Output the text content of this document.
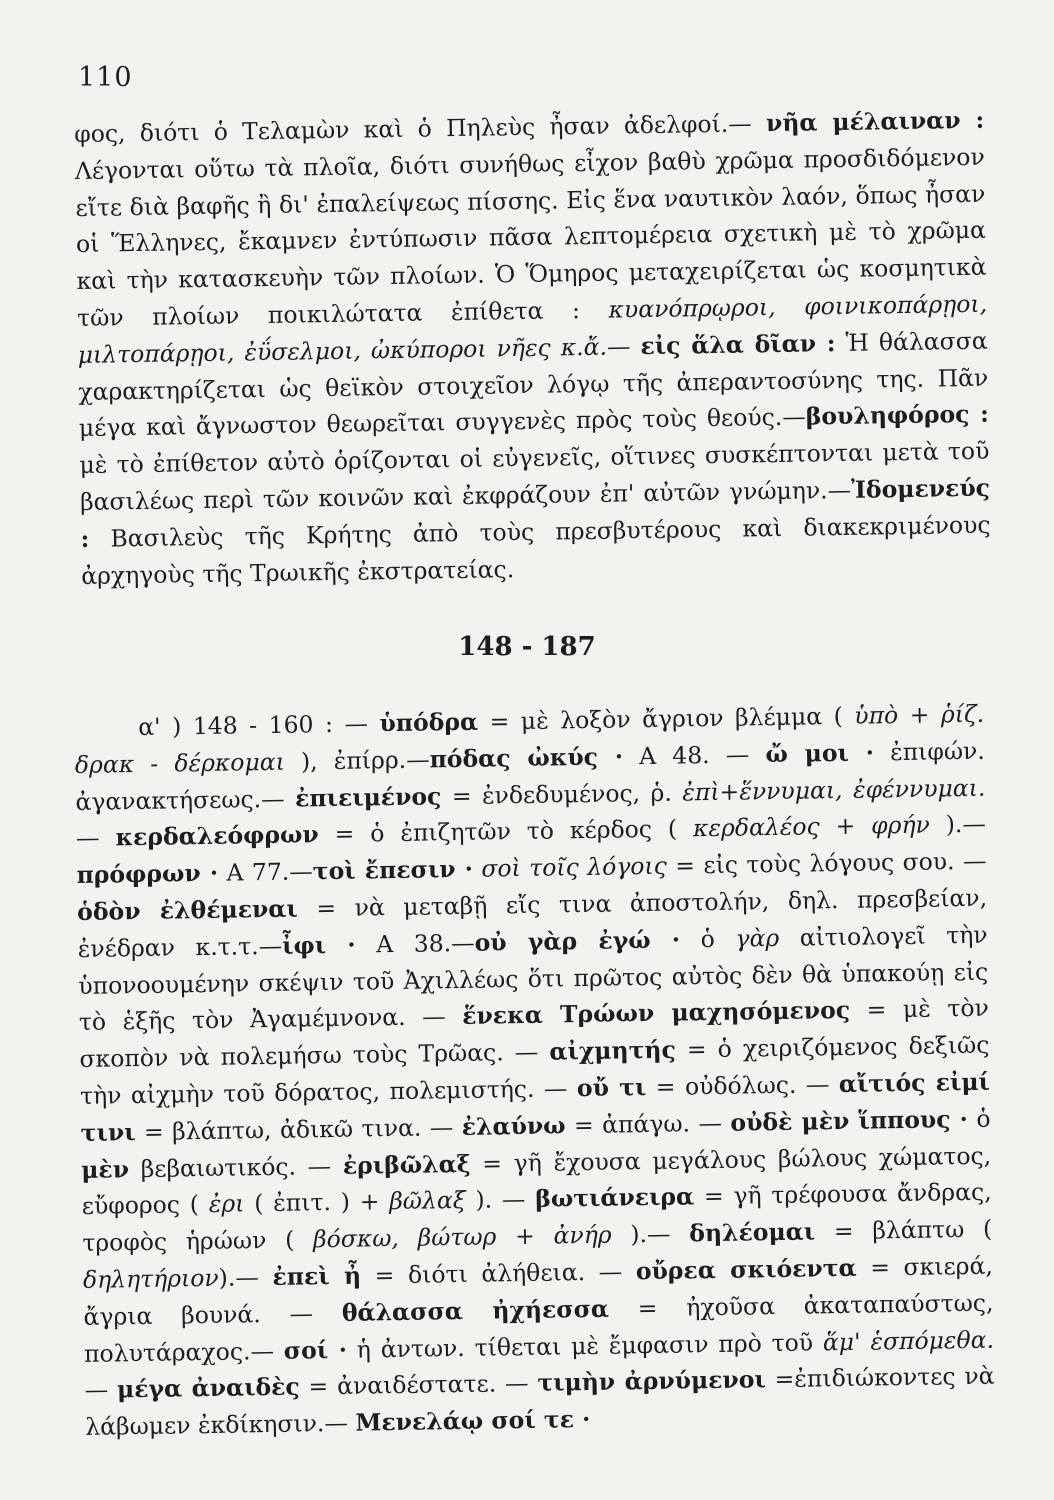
110
φος, διότι ὁ Τελαμὼν καὶ ὁ Πηλεὺς ἦσαν ἀδελφοί.— νῆα μέλαιναν : Λέγονται οὕτω τὰ πλοῖα, διότι συνήθως εἶχον βαθὺ χρῶμα προσδιδόμενον εἴτε διὰ βαφῆς ἢ δι' ἐπαλείψεως πίσσης. Εἰς ἕνα ναυτικὸν λαόν, ὅπως ἦσαν οἱ Ἕλληνες, ἔκαμνεν ἐντύπωσιν πᾶσα λεπτομέρεια σχετικὴ μὲ τὸ χρῶμα καὶ τὴν κατασκευὴν τῶν πλοίων. Ὁ Ὅμηρος μεταχειρίζεται ὡς κοσμητικὰ τῶν πλοίων ποικιλώτατα ἐπίθετα : κυανόπρῳροι, φοινικοπάρῃοι, μιλτοπάρῃοι, ἐΰσελμοι, ὠκύποροι νῆες κ.ἄ.— εἰς ἅλα δῖαν : Ἡ θάλασσα χαρακτηρίζεται ὡς θεϊκὸν στοιχεῖον λόγῳ τῆς ἀπεραντοσύνης της. Πᾶν μέγα καὶ ἄγνωστον θεωρεῖται συγγενὲς πρὸς τοὺς θεούς.—βουληφόρος : μὲ τὸ ἐπίθετον αὐτὸ ὁρίζονται οἱ εὐγενεῖς, οἵτινες συσκέπτονται μετὰ τοῦ βασιλέως περὶ τῶν κοινῶν καὶ ἐκφράζουν ἐπ' αὐτῶν γνώμην.—Ἰδομενεύς : Βασιλεὺς τῆς Κρήτης ἀπὸ τοὺς πρεσβυτέρους καὶ διακεκριμένους ἀρχηγοὺς τῆς Τρωικῆς ἐκστρατείας.
148 - 187
α' ) 148 - 160 : — ὑπόδρα = μὲ λοξὸν ἄγριον βλέμμα ( ὑπὸ + ῥίζ. δρακ - δέρκομαι ), ἐπίρρ.—πόδας ὠκύς · Α 48. — ὤ μοι · ἐπιφών. ἀγανακτήσεως.— ἐπιειμένος = ἐνδεδυμένος, ῥ. ἐπὶ+ἕννυμαι, ἐφέννυμαι.— κερδαλεόφρων = ὁ ἐπιζητῶν τὸ κέρδος ( κερδαλέος + φρήν ).—πρόφρων · Α 77.—τοὶ ἔπεσιν · σοὶ τοῖς λόγοις = εἰς τοὺς λόγους σου. — ὁδὸν ἐλθέμεναι = νὰ μεταβῇ εἴς τινα ἀποστολήν, δηλ. πρεσβείαν, ἐνέδραν κ.τ.τ.—ἶφι · Α 38.—οὐ γὰρ ἐγώ · ὁ γὰρ αἰτιολογεῖ τὴν ὑπονοουμένην σκέψιν τοῦ Ἀχιλλέως ὅτι πρῶτος αὐτὸς δὲν θὰ ὑπακούῃ εἰς τὸ ἑξῆς τὸν Ἀγαμέμνονα. — ἕνεκα Τρώων μαχησόμενος = μὲ τὸν σκοπὸν νὰ πολεμήσω τοὺς Τρῶας. — αἰχμητής = ὁ χειριζόμενος δεξιῶς τὴν αἰχμὴν τοῦ δόρατος, πολεμιστής. — οὔ τι = οὐδόλως. — αἴτιός εἰμί τινι = βλάπτω, ἀδικῶ τινα. — ἐλαύνω = ἀπάγω. — οὐδὲ μὲν ἵππους · ὁ μὲν βεβαιωτικός. — ἐριβῶλαξ = γῆ ἔχουσα μεγάλους βώλους χώματος, εὔφορος ( ἐρι ( ἐπιτ. ) + βῶλαξ ). — βωτιάνειρα = γῆ τρέφουσα ἄνδρας, τροφὸς ἡρώων ( βόσκω, βώτωρ + ἀνήρ ).— δηλέομαι = βλάπτω ( δηλητήριον).— ἐπεὶ ἦ = διότι ἀλήθεια. — οὔρεα σκιόεντα = σκιερά, ἄγρια βουνά. — θάλασσα ἠχήεσσα = ἠχοῦσα ἀκαταπαύστως, πολυτάραχος.— σοί · ἡ ἀντων. τίθεται μὲ ἔμφασιν πρὸ τοῦ ἅμ' ἑσπόμεθα. — μέγα ἀναιδὲς = ἀναιδέστατε. — τιμὴν ἀρνύμενοι =ἐπιδιώκοντες νὰ λάβωμεν ἐκδίκησιν.— Μενελάῳ σοί τε ·
